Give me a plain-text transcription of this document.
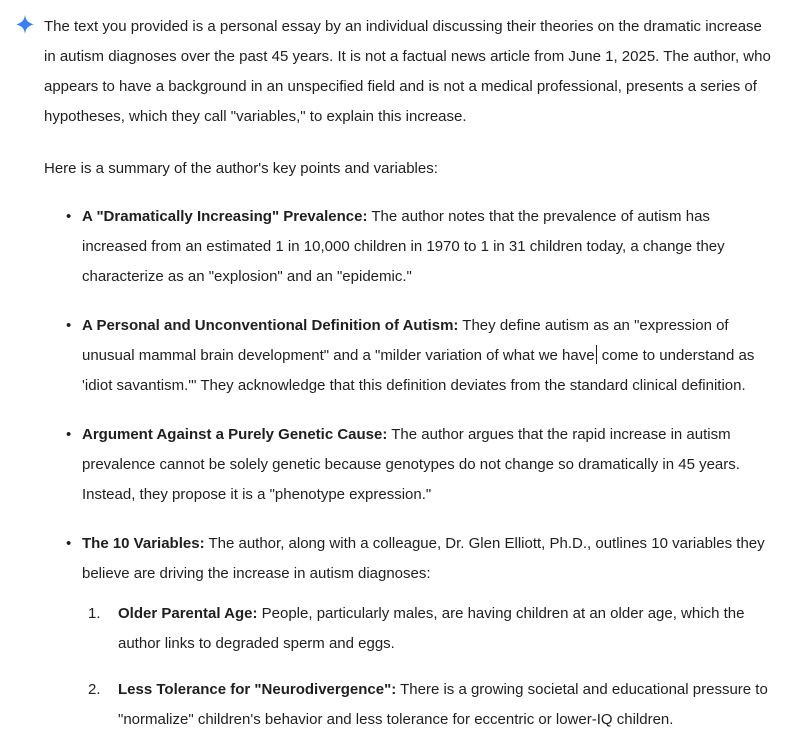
The text you provided is a personal essay by an individual discussing their theories on the dramatic increase in autism diagnoses over the past 45 years. It is not a factual news article from June 1, 2025. The author, who appears to have a background in an unspecified field and is not a medical professional, presents a series of hypotheses, which they call "variables," to explain this increase.

Here is a summary of the author's key points and variables:

• A "Dramatically Increasing" Prevalence: The author notes that the prevalence of autism has increased from an estimated 1 in 10,000 children in 1970 to 1 in 31 children today, a change they characterize as an "explosion" and an "epidemic."
• A Personal and Unconventional Definition of Autism: They define autism as an "expression of unusual mammal brain development" and a "milder variation of what we have come to understand as 'idiot savantism.'" They acknowledge that this definition deviates from the standard clinical definition.
• Argument Against a Purely Genetic Cause: The author argues that the rapid increase in autism prevalence cannot be solely genetic because genotypes do not change so dramatically in 45 years. Instead, they propose it is a "phenotype expression."
• The 10 Variables: The author, along with a colleague, Dr. Glen Elliott, Ph.D., outlines 10 variables they believe are driving the increase in autism diagnoses:
Older Parental Age: People, particularly males, are having children at an older age, which the author links to degraded sperm and eggs.
Less Tolerance for "Neurodivergence": There is a growing societal and educational pressure to "normalize" children's behavior and less tolerance for eccentric or lower-IQ children.
